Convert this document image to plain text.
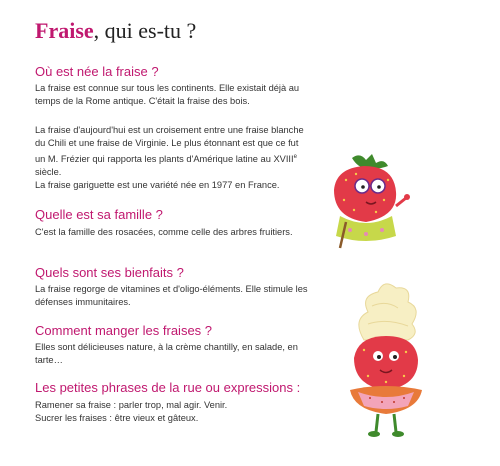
Fraise, qui es-tu ?
Où est née la fraise ?
La fraise est connue sur tous les continents. Elle existait déjà au temps de la Rome antique. C'était la fraise des bois.
La fraise d'aujourd'hui est un croisement entre une fraise blanche du Chili et une fraise de Virginie. Le plus étonnant est que ce fut un M. Frézier qui rapporta les plants d'Amérique latine au XVIIIe siècle.
La fraise gariguette est une variété née en 1977 en France.
Quelle est sa famille ?
C'est la famille des rosacées, comme celle des arbres fruitiers.
Quels sont ses bienfaits ?
La fraise regorge de vitamines et d'oligo-éléments. Elle stimule les défenses immunitaires.
Comment manger les fraises ?
Elles sont délicieuses nature, à la crème chantilly, en salade, en tarte…
Les petites phrases de la rue ou expressions :
Ramener sa fraise : parler trop, mal agir. Venir.
Sucrer les fraises : être vieux et gâteux.
